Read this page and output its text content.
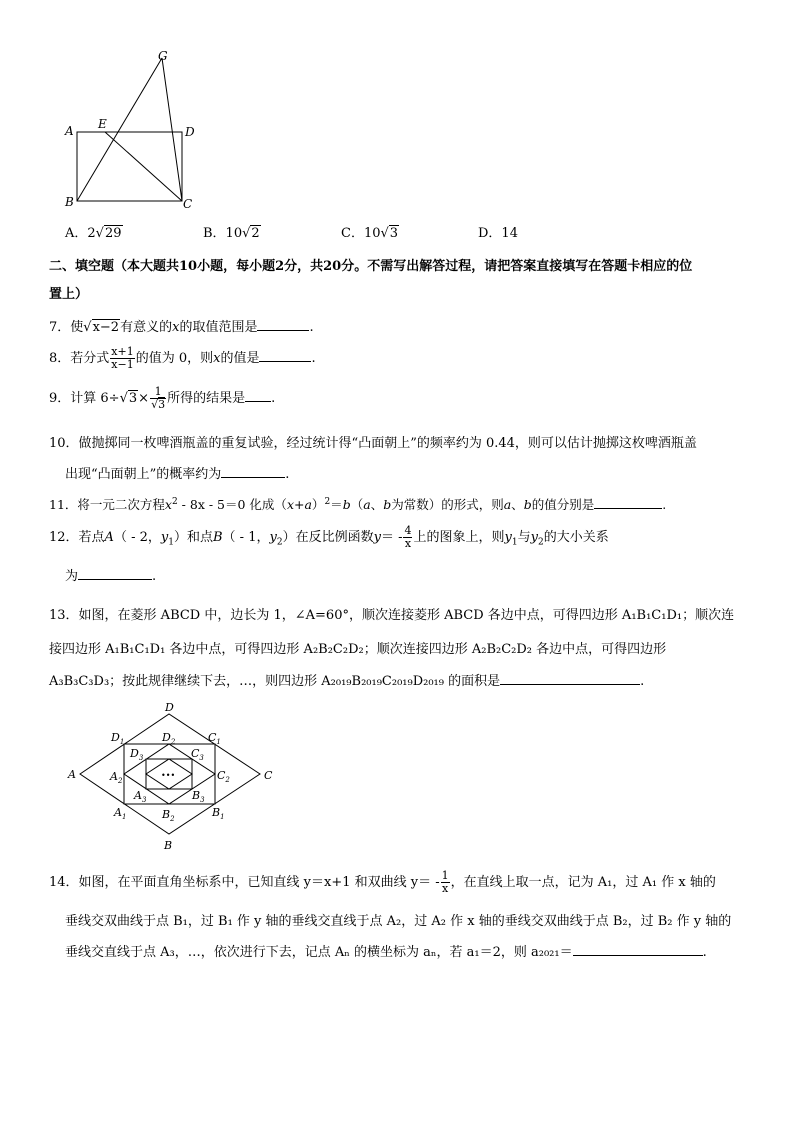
G
A E
D
B	C
A．2√29	B．10√2	C．10√3	D．14
二、填空题（本大题共10小题，每小题2分，共20分。不需写出解答过程，请把答案直接填写在答题卡相应的位
置上）
7．使√x−2有意义的x的取值范围是	.
8．若分式 $\frac{x+1}{x-1}$ 的值为 0，则x的值是	.
9．计算 $6\div√3\times \frac{1}{√3}$ 所得的结果是 .
10．做抛掷同一枚啤酒瓶盖的重复试验，经过统计得“凸面朝上”的频率约为 0.44，则可以估计抛掷这枚啤酒瓶盖
出现“凸面朝上”的概率约为	.
11．将一元二次方程$x^2 - 8x - 5=0$ 化成$(x+a)^2=b(a$、b为常数）的形式，则a、b的值分别是	.
12．若点A（ - 2，$y_1$）和点B（ - 1，$y_2$）在反比例函数$y= - \frac{4}{x}$ 上的图象上，则$y_1$与$y_2$的大小关系
为	.
13．如图，在菱形 ABCD 中，边长为 1，∠A=60°，顺次连接菱形 ABCD 各边中点，可得四边形 A₁B₁C₁D₁；顺次连
接四边形 A₁B₁C₁D₁ 各边中点，可得四边形 A₂B₂C₂D₂；顺次连接四边形 A₂B₂C₂D₂ 各边中点，可得四边形
A₃B₃C₃D₃；按此规律继续下去，…，则四边形 A₂₀₁₉B₂₀₁₉C₂₀₁₉D₂₀₁₉ 的面积是	.
•••
D
A	C
B
$D_1$	$C_1$
$A_1$	$B_1$
$D_2$
$C_2$
$A_2$
$B_2$
$D_3$	$C_3$
$A_3$	$B_3$
14．如图，在平面直角坐标系中，已知直线 y＝x+1 和双曲线 $y= - \frac{1}{x}$ ，在直线上取一点，记为 A₁，过 A₁ 作 x 轴的
垂线交双曲线于点 B₁，过 B₁ 作 y 轴的垂线交直线于点 A₂，过 A₂ 作 x 轴的垂线交双曲线于点 B₂，过 B₂ 作 y 轴的
垂线交直线于点 A₃，…，依次进行下去，记点 Aₙ 的横坐标为 aₙ，若 a₁＝2，则 a₂₀₂₁＝	.
